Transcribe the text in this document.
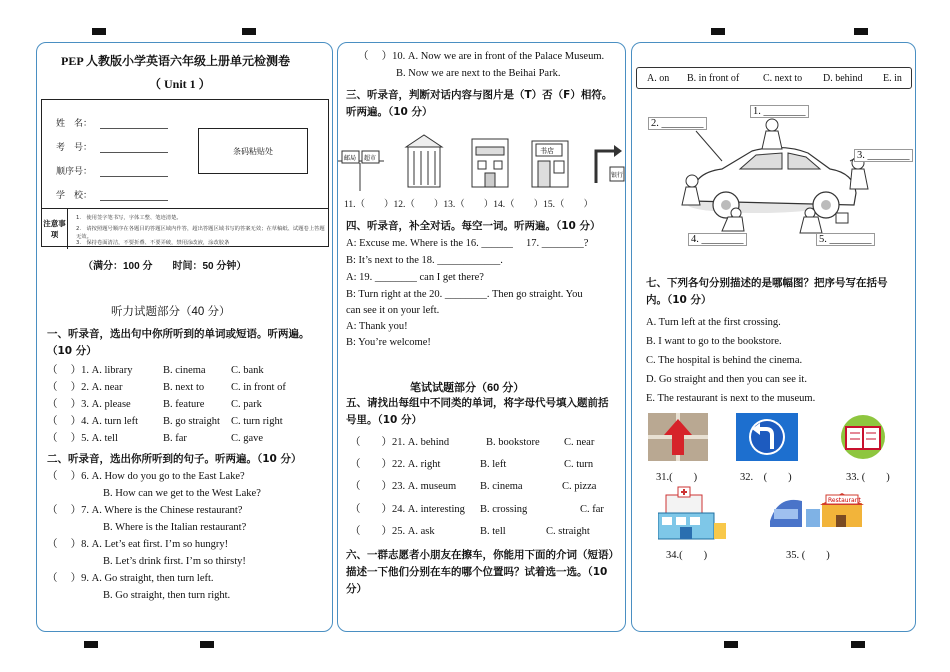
PEP 人教版小学英语六年级上册单元检测卷
（ Unit 1 ）
姓　名：
考　号：
顺序号：
学　校：
条码粘贴处
注意事项
1.　使用签字笔书写，字体工整、笔迹清楚。
2.　请按照题号顺序在各题目的答题区域内作答，超出答题区域书写的答案无效；在草稿纸、试题卷上答题无效。
3.　保持卷面清洁，不要折叠、不要弄破，禁用涂改液，涂改胶条
（满分：100 分　　时间：50 分钟）
听力试题部分（40 分）
一、听录音，选出句中你所听到的单词或短语。听两遍。（10 分）
（　 ）1. A. library	B. cinema C. bank
（　 ）2. A. near	B. next to	C. in front of
（　 ）3. A. please	B. feature	C. park
（　 ）4. A. turn left B. go straight C. turn right
（　 ）5. A. tell	B. far	C. gave
二、听录音，选出你所听到的句子。听两遍。（10 分）
（　 ）6. A. How do you go to the East Lake?
B. How can we get to the West Lake?
（　 ）7. A. Where is the Chinese restaurant?
B. Where is the Italian restaurant?
（　 ）8. A. Let’s eat first. I’m so hungry!
B. Let’s drink first. I’m so thirsty!
（　 ）9. A. Go straight, then turn left.
B. Go straight, then turn right.
（　 ）10. A. Now we are in front of the Palace Museum.
B. Now we are next to the Beihai Park.
三、听录音，判断对话内容与图片是（T）否（F）相符。听两遍。（10 分）
邮局 超市
书店
银行
11.（　　）12.（　　）13.（　　）14.（　　）15.（　　）
四、听录音，补全对话。每空一词。听两遍。（10 分）
A: Excuse me. Where is the 16. ______ 　17. ________?
B: It’s next to the 18. ____________.
A: 19. ________ can I get there?
B: Turn right at the 20. ________. Then go straight. You
can see it on your left.
A: Thank you!
B: You’re welcome!
笔试试题部分（60 分）
五、请找出每组中不同类的单词，将字母代号填入题前括号里。（10 分）
（　　）21. A. behind	B. bookstore C. near
（　　）22. A. right	B. left	C. turn
（　　）23. A. museum B. cinema	C. pizza
（　　）24. A. interesting B. crossing	C. far
（　　）25. A. ask	B. tell	C. straight
六、一群志愿者小朋友在擦车，你能用下面的介词（短语）描述一下他们分别在车的哪个位置吗？试着选一选。（10 分）
A. on B. in front of C. next to D. behind E. in
1. ________
2. ________
3. ________
4. ________	5. ________
七、下列各句分别描述的是哪幅图？把序号写在括号内。（10 分）
A. Turn left at the first crossing.
B. I want to go to the bookstore.
C. The hospital is behind the cinema.
D. Go straight and then you can see it.
E. The restaurant is next to the museum.
31.(　　)	32.　(　　)	33. (　　)
Restaurant
34.(　　)	35. (　　)
